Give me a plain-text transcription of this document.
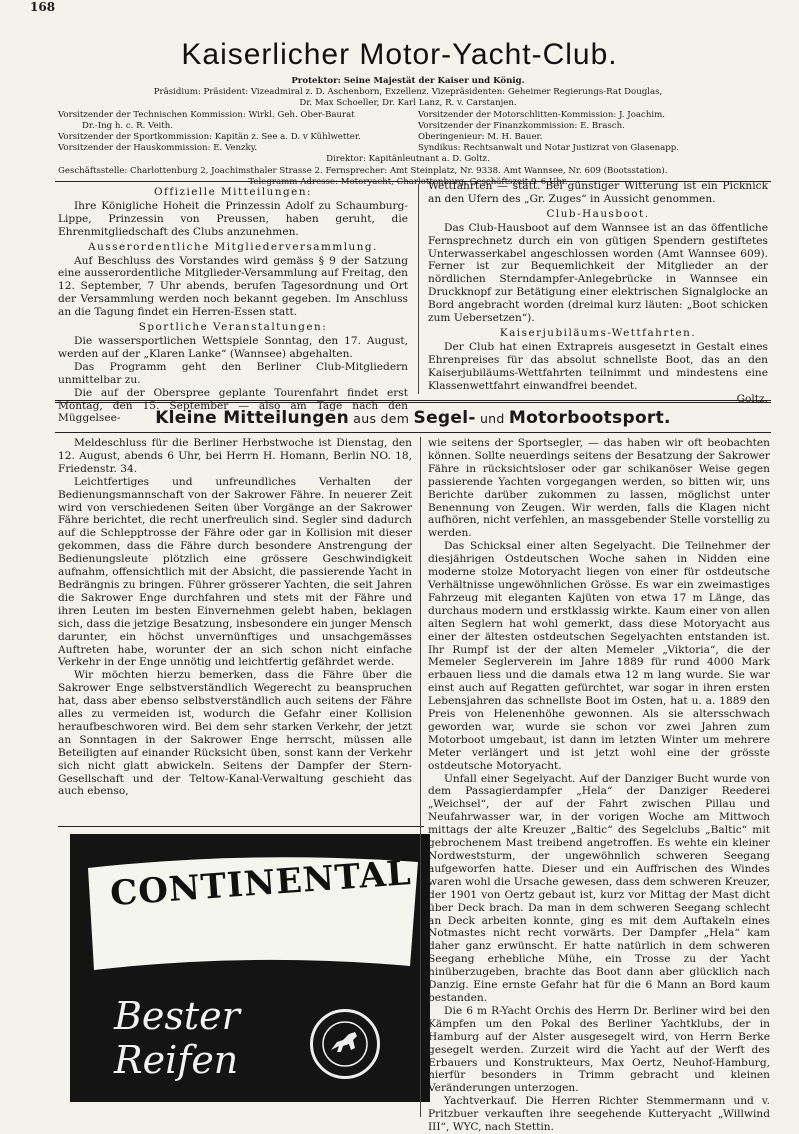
168
Kaiserlicher Motor-Yacht-Club.
Protektor: Seine Majestät der Kaiser und König.
Präsidium: Präsident: Vizeadmiral z. D. Aschenborn, Exzellenz. Vizepräsidenten: Geheimer Regierungs-Rat Douglas,
Dr. Max Schoeller, Dr. Karl Lanz, R. v. Carstanjen.
Vorsitzender der Technischen Kommission: Wirkl. Geh. Ober-Baurat	Vorsitzender der Motorschlitten-Kommission: J. Joachim.
Dr.-Ing h. c. R. Veith.	Vorsitzender der Finanzkommission: E. Brasch.
Vorsitzender der Sportkommission: Kapitän z. See a. D. v Kühlwetter.	Oberingenieur: M. H. Bauer.
Vorsitzender der Hauskommission: E. Venzky.	Syndikus: Rechtsanwalt und Notar Justizrat von Glasenapp.
Direktor: Kapitänleutnant a. D. Goltz.
Geschäftsstelle: Charlottenburg 2, Joachimsthaler Strasse 2. Fernsprecher: Amt Steinplatz, Nr. 9338. Amt Wannsee, Nr. 609 (Bootsstation).
Telegramm-Adresse: Motoryacht, Charlottenburg. Geschäftszeit 9–6 Uhr.
Offizielle Mitteilungen:

Ihre Königliche Hoheit die Prinzessin Adolf zu Schaumburg-Lippe, Prinzessin von Preussen, haben geruht, die Ehrenmitgliedschaft des Clubs anzunehmen.

Ausserordentliche Mitgliederversammlung.

Auf Beschluss des Vorstandes wird gemäss § 9 der Satzung eine ausserordentliche Mitglieder-Versammlung auf Freitag, den 12. September, 7 Uhr abends, berufen Tagesordnung und Ort der Versammlung werden noch bekannt gegeben. Im Anschluss an die Tagung findet ein Herren-Essen statt.

Sportliche Veranstaltungen:

Die wassersportlichen Wettspiele Sonntag, den 17. August, werden auf der „Klaren Lanke“ (Wannsee) abgehalten.

Das Programm geht den Berliner Club-Mitgliedern unmittelbar zu.

Die auf der Oberspree geplante Tourenfahrt findet erst Montag, den 15. September — also am Tage nach den Müggelsee-

Wettfahrten — statt. Bei günstiger Witterung ist ein Picknick an den Ufern des „Gr. Zuges“ in Aussicht genommen.

Club-Hausboot.

Das Club-Hausboot auf dem Wannsee ist an das öffentliche Fernsprechnetz durch ein von gütigen Spendern gestiftetes Unterwasserkabel angeschlossen worden (Amt Wannsee 609). Ferner ist zur Bequemlichkeit der Mitglieder an der nördlichen Sterndampfer-Anlegebrücke in Wannsee ein Druckknopf zur Betätigung einer elektrischen Signalglocke an Bord angebracht worden (dreimal kurz läuten: „Boot schicken zum Uebersetzen“).

Kaiserjubiläums-Wettfahrten.

Der Club hat einen Extrapreis ausgesetzt in Gestalt eines Ehrenpreises für das absolut schnellste Boot, das an den Kaiserjubiläums-Wettfahrten teilnimmt und mindestens eine Klassenwettfahrt einwandfrei beendet.

Goltz.

Kleine Mitteilungen aus dem Segel- und Motorbootsport.

Meldeschluss für die Berliner Herbstwoche ist Dienstag, den 12. August, abends 6 Uhr, bei Herrn H. Homann, Berlin NO. 18, Friedenstr. 34.

Leichtfertiges und unfreundliches Verhalten der Bedienungsmannschaft von der Sakrower Fähre. In neuerer Zeit wird von verschiedenen Seiten über Vorgänge an der Sakrower Fähre berichtet, die recht unerfreulich sind. Segler sind dadurch auf die Schlepptrosse der Fähre oder gar in Kollision mit dieser gekommen, dass die Fähre durch besondere Anstrengung der Bedienungsleute plötzlich eine grössere Geschwindigkeit aufnahm, offensichtlich mit der Absicht, die passierende Yacht in Bedrängnis zu bringen. Führer grösserer Yachten, die seit Jahren die Sakrower Enge durchfahren und stets mit der Fähre und ihren Leuten im besten Einvernehmen gelebt haben, beklagen sich, dass die jetzige Besatzung, insbesondere ein junger Mensch darunter, ein höchst unvernünftiges und unsachgemässes Auftreten habe, worunter der an sich schon nicht einfache Verkehr in der Enge unnötig und leichtfertig gefährdet werde.

Wir möchten hierzu bemerken, dass die Fähre über die Sakrower Enge selbstverständlich Wegerecht zu beanspruchen hat, dass aber ebenso selbstverständlich auch seitens der Fähre alles zu vermeiden ist, wodurch die Gefahr einer Kollision heraufbeschworen wird. Bei dem sehr starken Verkehr, der jetzt an Sonntagen in der Sakrower Enge herrscht, müssen alle Beteiligten auf einander Rücksicht üben, sonst kann der Verkehr sich nicht glatt abwickeln. Seitens der Dampfer der Stern-Gesellschaft und der Teltow-Kanal-Verwaltung geschieht das auch ebenso,

CONTINENTAL
Bester
Reifen

wie seitens der Sportsegler, — das haben wir oft beobachten können. Sollte neuerdings seitens der Besatzung der Sakrower Fähre in rücksichtsloser oder gar schikanöser Weise gegen passierende Yachten vorgegangen werden, so bitten wir, uns Berichte darüber zukommen zu lassen, möglichst unter Benennung von Zeugen. Wir werden, falls die Klagen nicht aufhören, nicht verfehlen, an massgebender Stelle vorstellig zu werden.

Das Schicksal einer alten Segelyacht. Die Teilnehmer der diesjährigen Ostdeutschen Woche sahen in Nidden eine moderne stolze Motoryacht liegen von einer für ostdeutsche Verhältnisse ungewöhnlichen Grösse. Es war ein zweimastiges Fahrzeug mit eleganten Kajüten von etwa 17 m Länge, das durchaus modern und erstklassig wirkte. Kaum einer von allen alten Seglern hat wohl gemerkt, dass diese Motoryacht aus einer der ältesten ostdeutschen Segelyachten entstanden ist. Ihr Rumpf ist der der alten Memeler „Viktoria“, die der Memeler Seglerverein im Jahre 1889 für rund 4000 Mark erbauen liess und die damals etwa 12 m lang wurde. Sie war einst auch auf Regatten gefürchtet, war sogar in ihren ersten Lebensjahren das schnellste Boot im Osten, hat u. a. 1889 den Preis von Helenenhöhe gewonnen. Als sie altersschwach geworden war, wurde sie schon vor zwei Jahren zum Motorboot umgebaut, ist dann im letzten Winter um mehrere Meter verlängert und ist jetzt wohl eine der grösste ostdeutsche Motoryacht.

Unfall einer Segelyacht. Auf der Danziger Bucht wurde von dem Passagierdampfer „Hela“ der Danziger Reederei „Weichsel“, der auf der Fahrt zwischen Pillau und Neufahrwasser war, in der vorigen Woche am Mittwoch mittags der alte Kreuzer „Baltic“ des Segelclubs „Baltic“ mit gebrochenem Mast treibend angetroffen. Es wehte ein kleiner Nordweststurm, der ungewöhnlich schweren Seegang aufgeworfen hatte. Dieser und ein Auffrischen des Windes waren wohl die Ursache gewesen, dass dem schweren Kreuzer, der 1901 von Oertz gebaut ist, kurz vor Mittag der Mast dicht über Deck brach. Da man in dem schweren Seegang schlecht an Deck arbeiten konnte, ging es mit dem Auftakeln eines Notmastes nicht recht vorwärts. Der Dampfer „Hela“ kam daher ganz erwünscht. Er hatte natürlich in dem schweren Seegang erhebliche Mühe, ein Trosse zu der Yacht hinüberzugeben, brachte das Boot dann aber glücklich nach Danzig. Eine ernste Gefahr hat für die 6 Mann an Bord kaum bestanden.

Die 6 m R-Yacht Orchis des Herrn Dr. Berliner wird bei den Kämpfen um den Pokal des Berliner Yachtklubs, der in Hamburg auf der Alster ausgesegelt wird, von Herrn Berke gesegelt werden. Zurzeit wird die Yacht auf der Werft des Erbauers und Konstrukteurs, Max Oertz, Neuhof-Hamburg, hierfür besonders in Trimm gebracht und kleinen Veränderungen unterzogen.

Yachtverkauf. Die Herren Richter Stemmermann und v. Pritzbuer verkauften ihre seegehende Kutteryacht „Willwind III“, WYC, nach Stettin.
